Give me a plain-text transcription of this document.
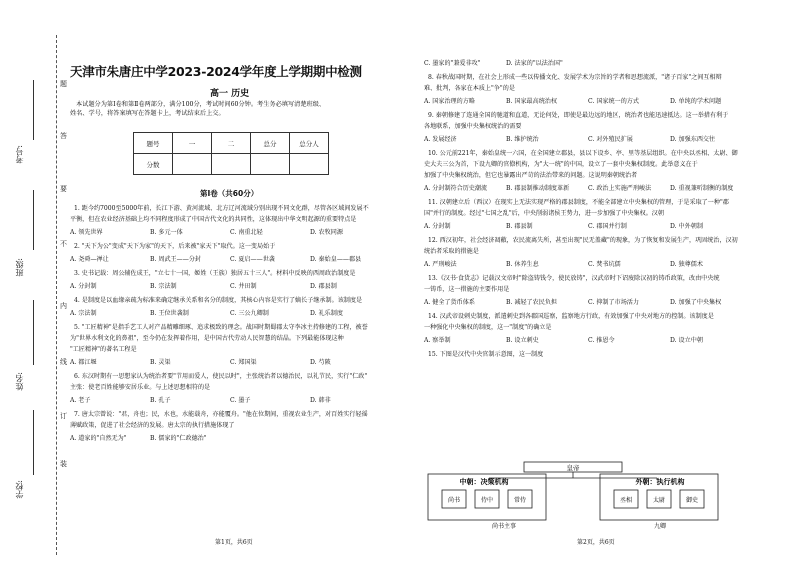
题
答
要
不
内
线
订
装
考号:
班级:
姓名:
学校:
天津市朱唐庄中学2023-2024学年度上学期期中检测
高一 历史
本试题分为第Ⅰ卷和第Ⅱ卷两部分，满分100分，考试时间60分钟。考生务必填写清楚班级、
姓名、学号，将答案填写在答题卡上，考试结束后上交。
题号	一	二	总分	总分人
分数				
第Ⅰ卷（共60分）
1. 距今约7000至5000年前，长江下游、黄河流域、北方辽河流域分别出现不同文化群，尽管各区域间发展不
平衡，但在农业经济基础上均不同程度形成了中国古代文化的共同性，这体现出中华文明起源的重要特点是
A. 领先世界	B. 多元一体	C. 南重北轻	D. 农牧同源
2. "天下为公"变成"天下为家"的天下，后来被"家天下"取代。这一变局始于
A. 尧舜—禅让	B. 周武王——分封	C. 夏启——世袭	D. 秦始皇——郡县
3. 史书记载：周公辅佐成王，"立七十一国，姬姓（王族）独居五十三人"。材料中反映的西周政治制度是
A. 分封制	B. 宗法制	C. 井田制	D. 郡县制
4. 是制度是以血缘亲疏为标准来确定继承关系和名分的制度，其核心内容是实行了嫡长子继承制。该制度是
A. 宗法制	B. 王位世袭制	C. 三公九卿制	D. 礼乐制度
5. "工匠精神"是指手艺工人对产品精雕细琢、追求极致的理念。战国时期蜀郡太守李冰主持修建的工程，被誉
为"世界水利文化的鼻祖"，至今仍在发挥着作用，是中国古代劳动人民智慧的结晶。下列最能体现这种
"工匠精神"的著名工程是
A. 都江堰	B. 灵渠	C. 郑国渠	D. 芍陂
6. 东汉时期有一思想家认为统治者要"节用而爱人，使民以时"，主张统治者以德治民，以礼节民，实行"仁政"
主张：使老百姓能够安居乐业。与上述思想相符的是
A. 老子	B. 孔子	C. 墨子	D. 韩非
7. 唐太宗曾说："君，舟也；民，水也，水能载舟，亦能覆舟。"他在位期间，重视农业生产，对百姓实行轻徭
薄赋政策，促进了社会经济的发展。唐太宗的执行措施体现了
A. 道家的"自然无为"	B. 儒家的"仁政德治"
C. 墨家的"兼爱非攻"	D. 法家的"以法治国"
8. 春秋战国时期，在社会上形成一些以传播文化、发展学术为宗旨的学者和思想流派，"诸子百家"之间互相辩
难、批判，各家在本质上"争"的是
A. 国家治理的方略	B. 国家最高统治权	C. 国家统一的方式	D. 单纯的学术问题
9. 秦朝修建了连通全国的驰道和直道，无论何处，即使是最边远的地区，统治者也能迅速抵达。这一举措有利于
各地联系，加强中央集权统治的需要
A. 发展经济	B. 维护统治	C. 对外殖民扩展	D. 加强东西交往
10. 公元前221年，秦始皇统一六国，在全国建立郡县，县以下设乡、亭、里等基层组织。在中央以丞相、太尉、御
史大夫三公为首，下设九卿的官僚机构，为"大一统"的中国，设立了一套中央集权制度。此举意义在于
加强了中央集权统治，但它也暴露出严苛的法治带来的问题。这说明秦朝统治者
A. 分封制符合历史潮流	B. 郡县制推动制度革新	C. 政治上实施严刑峻法	D. 重视兼听制衡的制度
11. 汉朝建立后（西汉）在现实上无法实现严格的郡县制度，不能全部建立中央集权的管理，于是采取了一种"郡
国"并行的制度。经过"七国之乱"后，中央削弱诸侯王势力，进一步加强了中央集权。汉朝
A. 分封制	B. 郡县制	C. 郡国并行制	D. 中外朝制
12. 西汉初年，社会经济凋敝，农民流离失所，甚至出现"民无盖藏"的现象，为了恢复和发展生产，巩固统治，汉初
统治者采取的措施是
A. 严刑峻法	B. 休养生息	C. 焚书坑儒	D. 独尊儒术
13.《汉书·食货志》记载汉文帝时"除盗铸钱令，使民放铸"，汉武帝时下诏废除汉初的铸币政策，改由中央统
一铸币，这一措施的主要作用是
A. 健全了货币体系	B. 减轻了农民负担	C. 抑制了市场活力	D. 加强了中央集权
14. 汉武帝设刺史制度，派遣刺史到各郡国巡察，监察地方行政，有效加强了中央对地方的控制。该制度是
一种强化中央集权的制度，这一"制度"的确立是
A. 察举制	B. 设立刺史	C. 推恩令	D. 设立中朝
15. 下图是汉代中央官制示意图，这一制度
皇帝
中朝：决策机构	外朝：执行机构
尚书	侍中	常侍	丞相	太尉	御史
尚书主事	九卿
第1页，共6页	第2页，共6页
